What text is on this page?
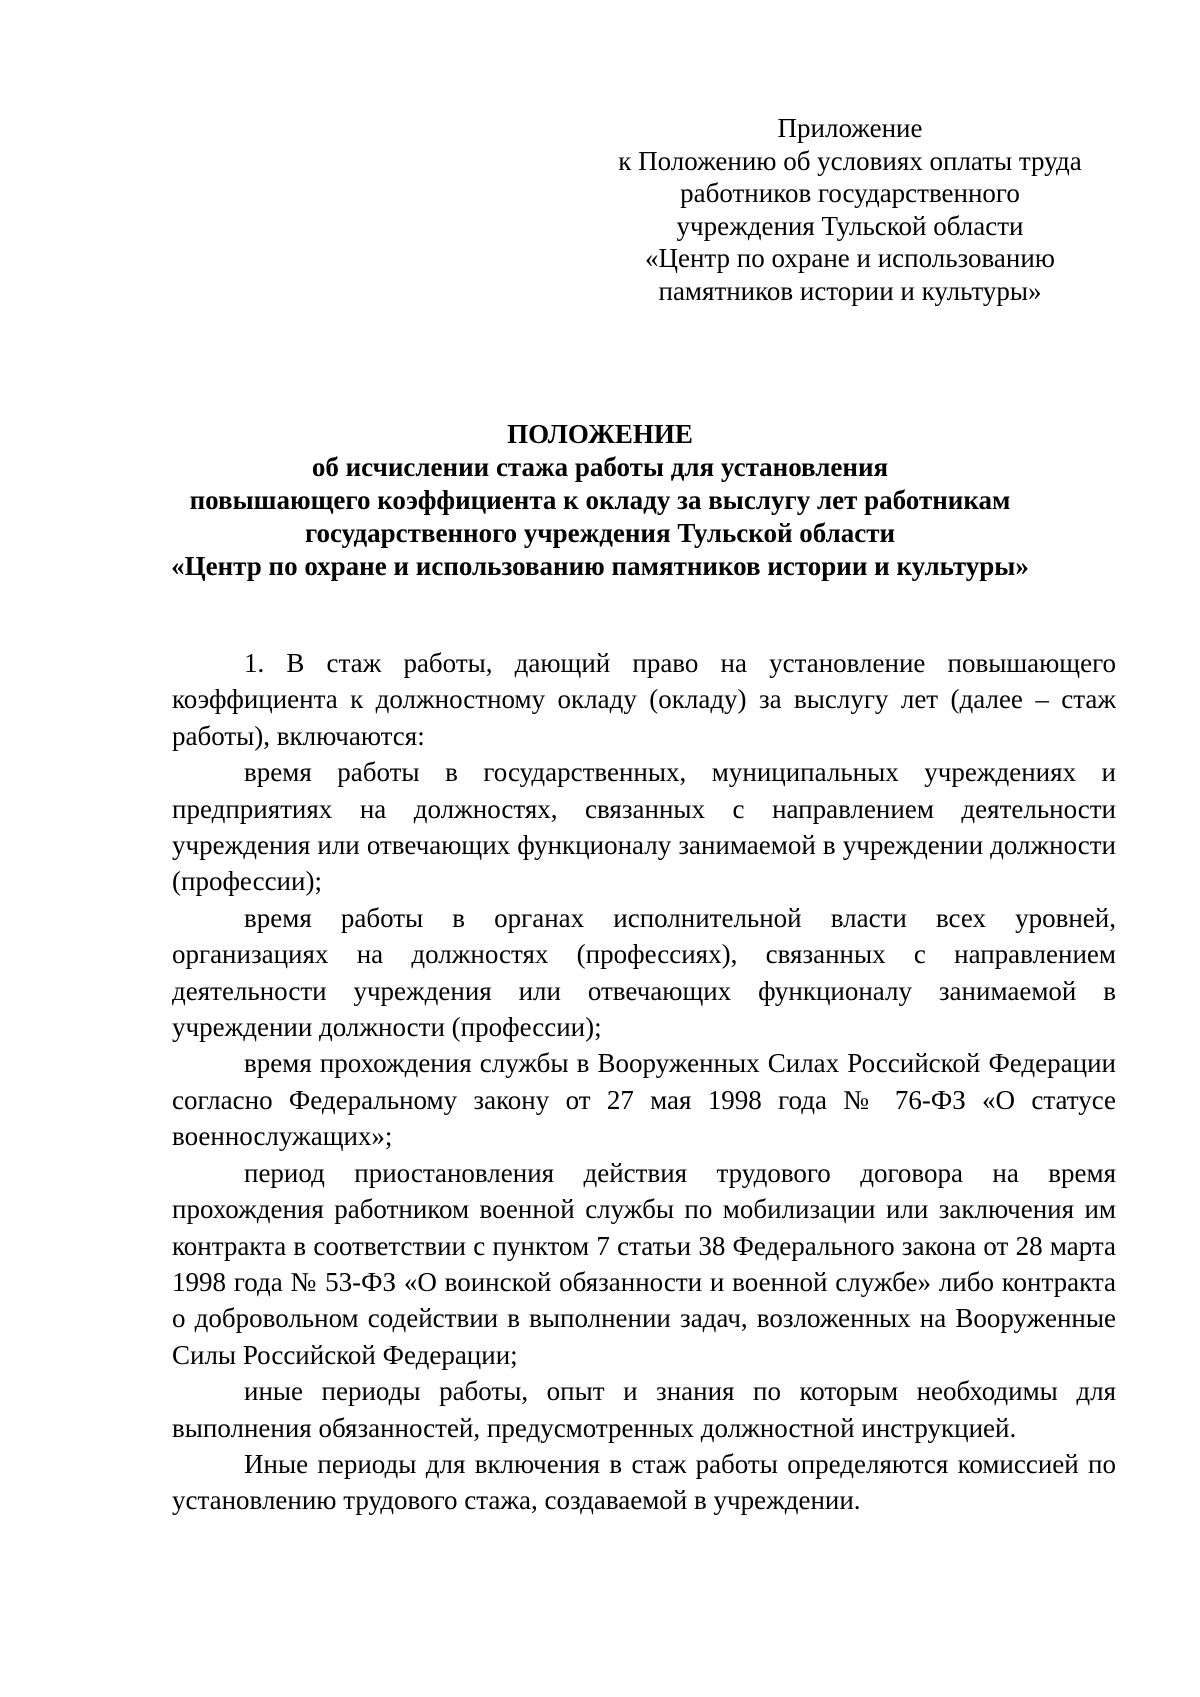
Приложение
к Положению об условиях оплаты труда
работников государственного
учреждения Тульской области
«Центр по охране и использованию
памятников истории и культуры»
ПОЛОЖЕНИЕ
об исчислении стажа работы для установления
повышающего коэффициента к окладу за выслугу лет работникам
государственного учреждения Тульской области
«Центр по охране и использованию памятников истории и культуры»

1. В стаж работы, дающий право на установление повышающего коэффициента к должностному окладу (окладу) за выслугу лет (далее – стаж работы), включаются:

время работы в государственных, муниципальных учреждениях и предприятиях на должностях, связанных с направлением деятельности учреждения или отвечающих функционалу занимаемой в учреждении должности (профессии);

время работы в органах исполнительной власти всех уровней, организациях на должностях (профессиях), связанных с направлением деятельности учреждения или отвечающих функционалу занимаемой в учреждении должности (профессии);

время прохождения службы в Вооруженных Силах Российской Федерации согласно Федеральному закону от 27 мая 1998 года № 76-ФЗ «О статусе военнослужащих»;

период приостановления действия трудового договора на время прохождения работником военной службы по мобилизации или заключения им контракта в соответствии с пунктом 7 статьи 38 Федерального закона от 28 марта 1998 года № 53-ФЗ «О воинской обязанности и военной службе» либо контракта о добровольном содействии в выполнении задач, возложенных на Вооруженные Силы Российской Федерации;

иные периоды работы, опыт и знания по которым необходимы для выполнения обязанностей, предусмотренных должностной инструкцией.

Иные периоды для включения в стаж работы определяются комиссией по установлению трудового стажа, создаваемой в учреждении.
